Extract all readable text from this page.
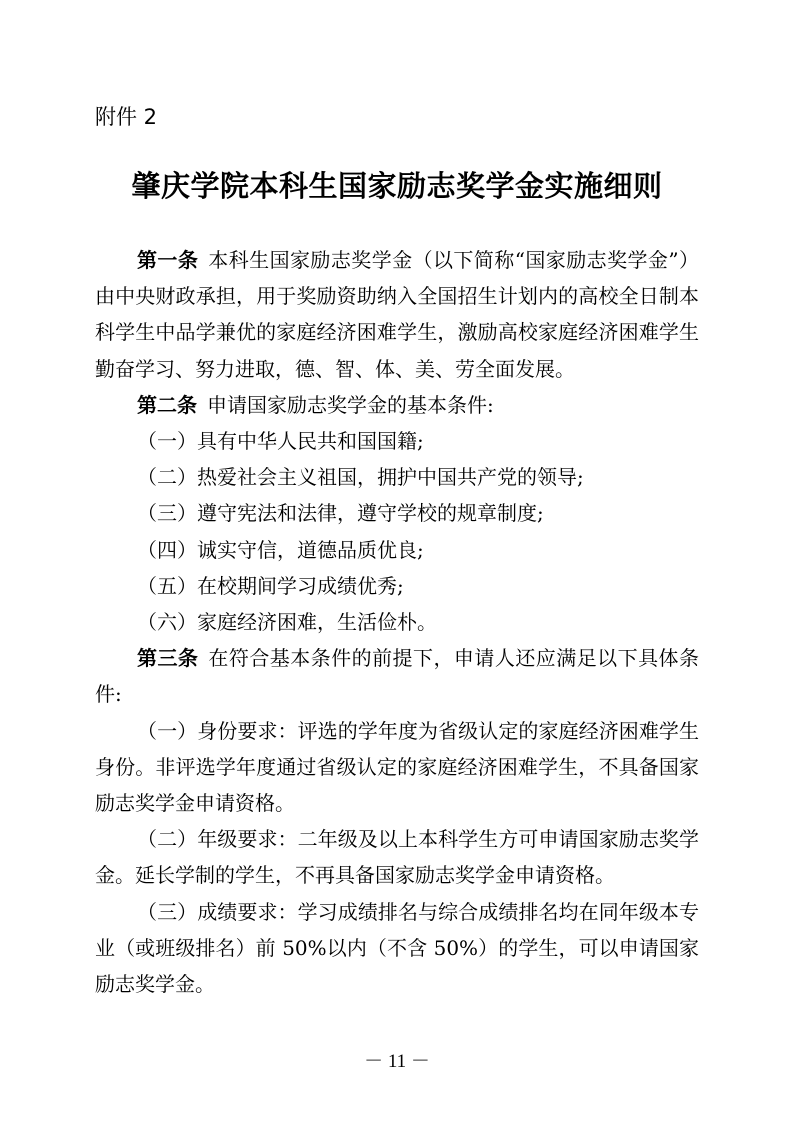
附件 2
肇庆学院本科生国家励志奖学金实施细则

第一条 本科生国家励志奖学金（以下简称“国家励志奖学金”）由中央财政承担，用于奖励资助纳入全国招生计划内的高校全日制本科学生中品学兼优的家庭经济困难学生，激励高校家庭经济困难学生勤奋学习、努力进取，德、智、体、美、劳全面发展。

第二条 申请国家励志奖学金的基本条件:

（一）具有中华人民共和国国籍;

（二）热爱社会主义祖国，拥护中国共产党的领导;

（三）遵守宪法和法律，遵守学校的规章制度;

（四）诚实守信，道德品质优良;

（五）在校期间学习成绩优秀;

（六）家庭经济困难，生活俭朴。

第三条 在符合基本条件的前提下，申请人还应满足以下具体条件:

（一）身份要求：评选的学年度为省级认定的家庭经济困难学生身份。非评选学年度通过省级认定的家庭经济困难学生，不具备国家励志奖学金申请资格。

（二）年级要求：二年级及以上本科学生方可申请国家励志奖学金。延长学制的学生，不再具备国家励志奖学金申请资格。

（三）成绩要求：学习成绩排名与综合成绩排名均在同年级本专业（或班级排名）前 50%以内（不含 50%）的学生，可以申请国家励志奖学金。

－ 11 －
